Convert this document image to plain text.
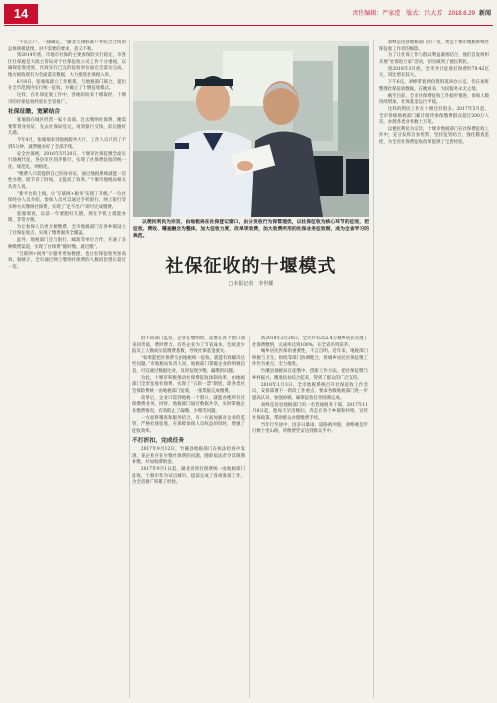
14	责任编辑：严家滢　版式：吕大芳　2018.6.29 新闻

“不长江户，一随确定，“湖北天翔标准户并结合合同的总体规模延续，对不需要的要求，意义不和。

到2014年底，市地市社保的主要参保险实行稳定，市各区社保税是大政主管局对于社保征收公司工作十分重视，以确保征收进度，区政实行已完的征收单位面完全落实完成，地方税收现有为全面落实数据，大力推进社保税入库。

6月8日，张瑜琢建立工作框架，与地税部门联合，提出在全市范围内实行统一征收，并确立了十堰征收模式。

这样，在社保征收工作中，各地纷纷来十堰取经，十堰市的社保征收经验在全省推广。

社保征缴，宽紧结合

张瑜瑞在城区经营一家小卖部，过去缴纳社保费，她需要带着身份证，先去社保局登记，再到银行交钱，前后跑好几趟。

今年4月，张瑜瑞来到地税服务大厅，工作人员只用了不到5分钟，就帮她办好了全部手续。

安全社保网，2016年5月20日，十堰市社保征缴全面实行地税代征，各县市区同步推行，实现了社保费征收的统一化、规范化、网络化。

“缴费人只需提供自己的身份证，通过地税系统就能一次性办理，既节省了时间，又提高了效率。”十堰市地税局相关负责人说。

“新平台的上线，让‘互联网+税务’实现了升级。”一位社保经办人员介绍，参保人员可以通过手机银行、网上银行等多种方式缴纳社保费，实现了‘足不出户’即可完成缴费。

张瑜瑞说，以前一年要跑好几趟，现在手机上就能办理，非常方便。

为让参保人员更方便缴费，全市地税部门在各乡镇设立了社保征收点，实现了缴费服务全覆盖。

此外，地税部门还与银行、邮政等单位合作，开通了多种缴费渠道，实现了社保费“随时缴、就近缴”。

“互联网+税务”让服务更加便捷，也让社保征收更加高效。据统计，全市通过网上缴纳社保费的人数同比增长超过一倍。

以便民利民为宗旨，由地税局在社保登记窗口，由分发收行为保管理优，以社保征收为核心环节的征收，把征收、费收、稽查融合为整体，加大征收力度，改单项收费，加大收费所用的社保业务征收制，成为全省学习的典范。
社保征收的十堰模式
□本报记者　李世耀

由不同部门监管，企业在缴纳时，需要在各个窗口间来回奔波，费时费力。有些企业为了节省成本，会故意少报员工人数或压低缴费基数，导致社保基金流失。

“如果能把社保费交由地税统一征收，就能有效解决这些问题。”市地税局负责人说，地税部门掌握企业的纳税信息，可以通过数据比对，及时发现少缴、漏缴的问题。

为此，十堰市积极推动社保费征收体制改革，由地税部门全责征收社保费，实现了“五险一票”制度，即各类社会保险费统一由地税部门征收，一张票据完成缴费。

改革后，企业只需到地税一个窗口，就能办理所有社保缴费业务。同时，地税部门通过数据共享，实时掌握企业缴费情况，有效防止了漏缴、少缴等问题。

一方面将稽查和服务结合，另一方面加强对企业的监管，严格社保征收，在保障参保人员权益的同时，增强了征收效率。

不打折扣，完成任务

2017年9月12日，竹溪县地税部门在执法检查中发现，某企业存在少缴社保费的问题，随即依法责令其限期补缴，并加收滞纳金。

2017年9月1日起，湖北省将社保费统一由地税部门征收，十堰市作为试点城市，提前完成了各项准备工作，为全省推广积累了经验。

到2018年2月28日，全市共有252.4万城乡居民实现了社保费缴纳，完成率达到100%，在全省名列前茅。

城乡居民医保的重要性，不言自明。近年来，地税部门积极与卫生、财政等部门协调配合，将城乡居民医保征缴工作作为重点，全力推进。

竹溪县地税局在征缴中，创新工作方法，把社保征缴与乡村振兴、精准扶贫结合起来，得到了群众的广泛支持。

2018年1月3日，全市地税系统召开社保征收工作会议，安排部署下一阶段工作重点，要求各级地税部门进一步提高认识，加强协调，确保征收任务圆满完成。

刘峥是房县地税部门的一名普通税务干部，2017年11月8日起，他每天早出晚归，奔走在各个乡镇和村组，宣传社保政策，帮助群众办理缴费手续。

当年行至途中，因多日暴雨，道路被冲毁，刘峥硬是步行数十里山路，将缴费凭证送到群众手中。

刘峥是房县地税部门的一员，更是十堰市地税系统社保征收工作者的缩影。

为了让社保工作与群众利益紧密结合，他们自发组织开展“社保进万家”活动，切实做到了便民利民。

到2018年3月底，全市共计征收社保费约79.42亿元，同比增长较大。

下午6点，刘峥带着两份资料返回办公室，仍在加班整理社保征收数据。在她看来，为民服务永无止境。

截至目前，全市社保费征收工作稳步推进，参保人数持续增加，社保基金运行平稳。

这样的利民工作在十堰还有很多。2017年5月起，全市各级地税部门累计接待参保缴费群众超过200万人次，办理各类业务数十万笔。

以便民利民为宗旨，十堰市地税部门在社保费征收工作中，充分发挥自身优势，坚持征管结合，强化稽查监控，为全省社保费征收改革提供了宝贵经验。
